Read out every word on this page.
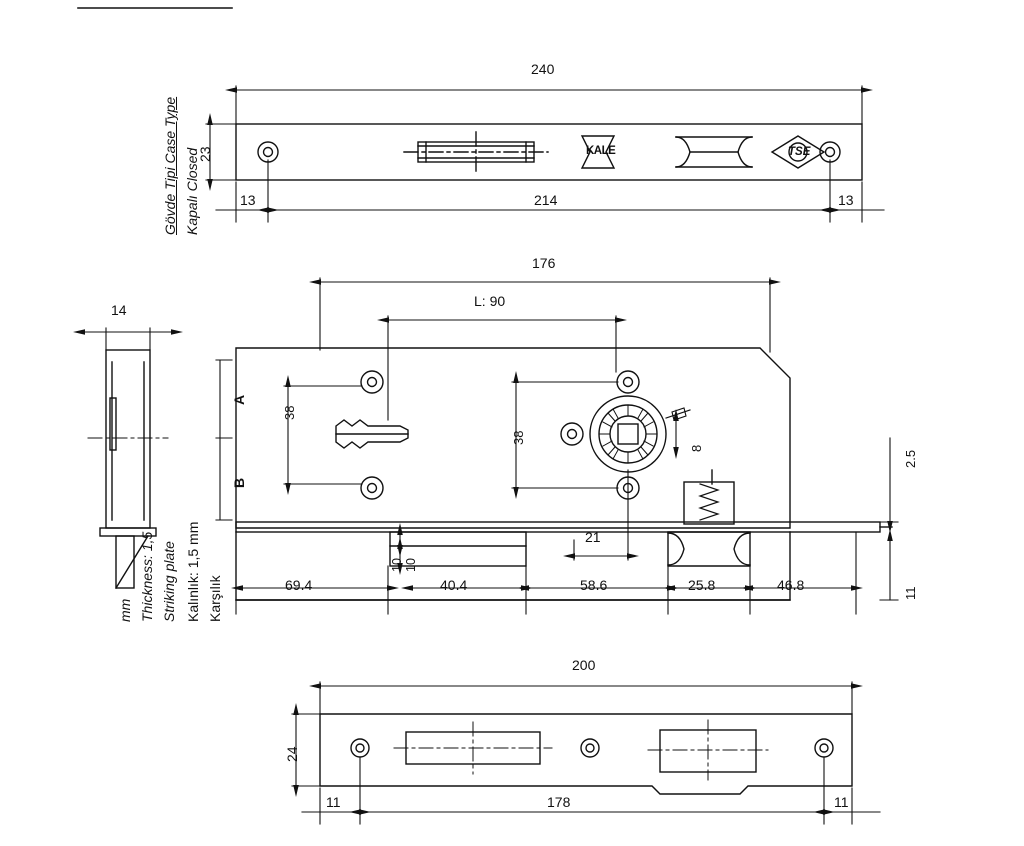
240
23
13	214	13
KALE	TSE
Gövde Tipi Case Type Kapalı Closed
14
176
L: 90
38
38
8
2.5
11
A
B
10 10
69.4	40.4	58.6	25.8	46.8
21
Karşılık
Kalınlık: 1,5 mm
Striking plate
Thickness: 1,5
mm
200
24
11	178	11
